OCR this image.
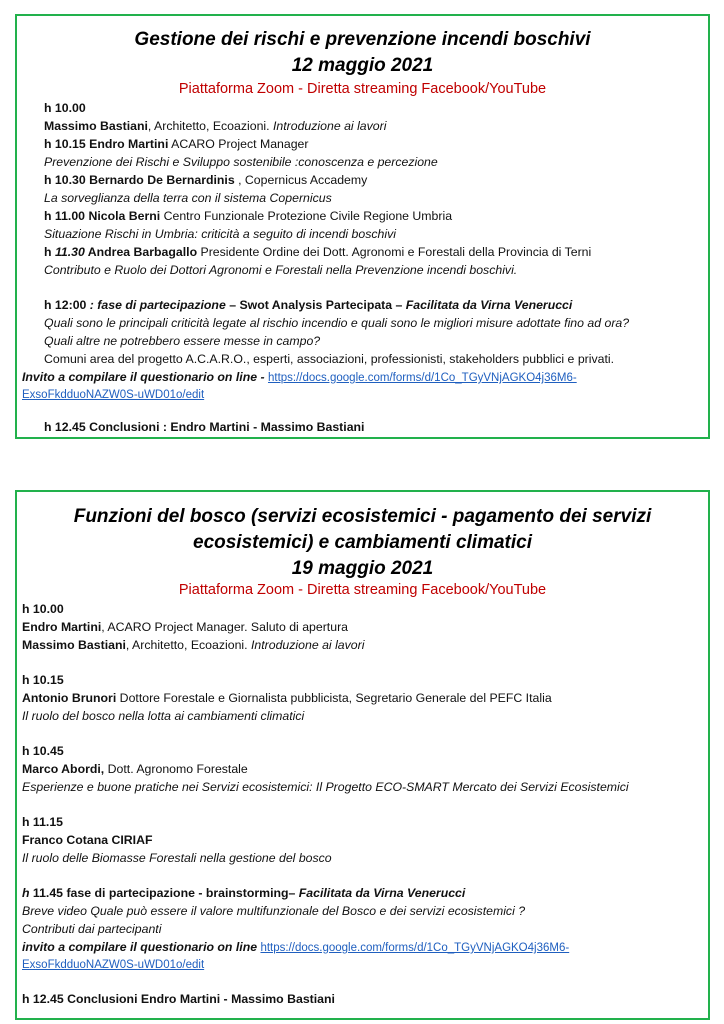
Gestione dei rischi e prevenzione incendi boschivi
12 maggio 2021
Piattaforma Zoom - Diretta streaming Facebook/YouTube
h 10.00
Massimo Bastiani, Architetto, Ecoazioni. Introduzione ai lavori
h 10.15 Endro Martini ACARO Project Manager
Prevenzione dei Rischi e Sviluppo sostenibile :conoscenza e percezione
h 10.30 Bernardo De Bernardinis , Copernicus Accademy
La sorveglianza della terra con il sistema Copernicus
h 11.00 Nicola Berni Centro Funzionale Protezione Civile Regione Umbria
Situazione Rischi in Umbria: criticità a seguito di incendi boschivi
h 11.30 Andrea Barbagallo Presidente Ordine dei Dott. Agronomi e Forestali della Provincia di Terni
Contributo e Ruolo dei Dottori Agronomi e Forestali nella Prevenzione incendi boschivi.
h 12:00 : fase di partecipazione – Swot Analysis Partecipata – Facilitata da Virna Venerucci
Quali sono le principali criticità legate al rischio incendio e quali sono le migliori misure adottate fino ad ora?
Quali altre ne potrebbero essere messe in campo?
Comuni area del progetto A.C.A.R.O., esperti, associazioni, professionisti, stakeholders pubblici e privati.
Invito a compilare il questionario on line - https://docs.google.com/forms/d/1Co_TGyVNjAGKO4j36M6-
ExsoFkdduoNAZW0S-uWD01o/edit
h 12.45 Conclusioni : Endro Martini - Massimo Bastiani
Funzioni del bosco (servizi ecosistemici - pagamento dei servizi
ecosistemici) e cambiamenti climatici
19 maggio 2021
Piattaforma Zoom - Diretta streaming Facebook/YouTube
h 10.00
Endro Martini, ACARO Project Manager. Saluto di apertura
Massimo Bastiani, Architetto, Ecoazioni. Introduzione ai lavori
h 10.15
Antonio Brunori Dottore Forestale e Giornalista pubblicista, Segretario Generale del PEFC Italia
Il ruolo del bosco nella lotta ai cambiamenti climatici
h 10.45
Marco Abordi, Dott. Agronomo Forestale
Esperienze e buone pratiche nei Servizi ecosistemici: Il Progetto ECO-SMART Mercato dei Servizi Ecosistemici
h 11.15
Franco Cotana CIRIAF
Il ruolo delle Biomasse Forestali nella gestione del bosco
h 11.45 fase di partecipazione - brainstorming– Facilitata da Virna Venerucci
Breve video Quale può essere il valore multifunzionale del Bosco e dei servizi ecosistemici ?
Contributi dai partecipanti
invito a compilare il questionario on line https://docs.google.com/forms/d/1Co_TGyVNjAGKO4j36M6-
ExsoFkdduoNAZW0S-uWD01o/edit
h 12.45 Conclusioni Endro Martini - Massimo Bastiani
